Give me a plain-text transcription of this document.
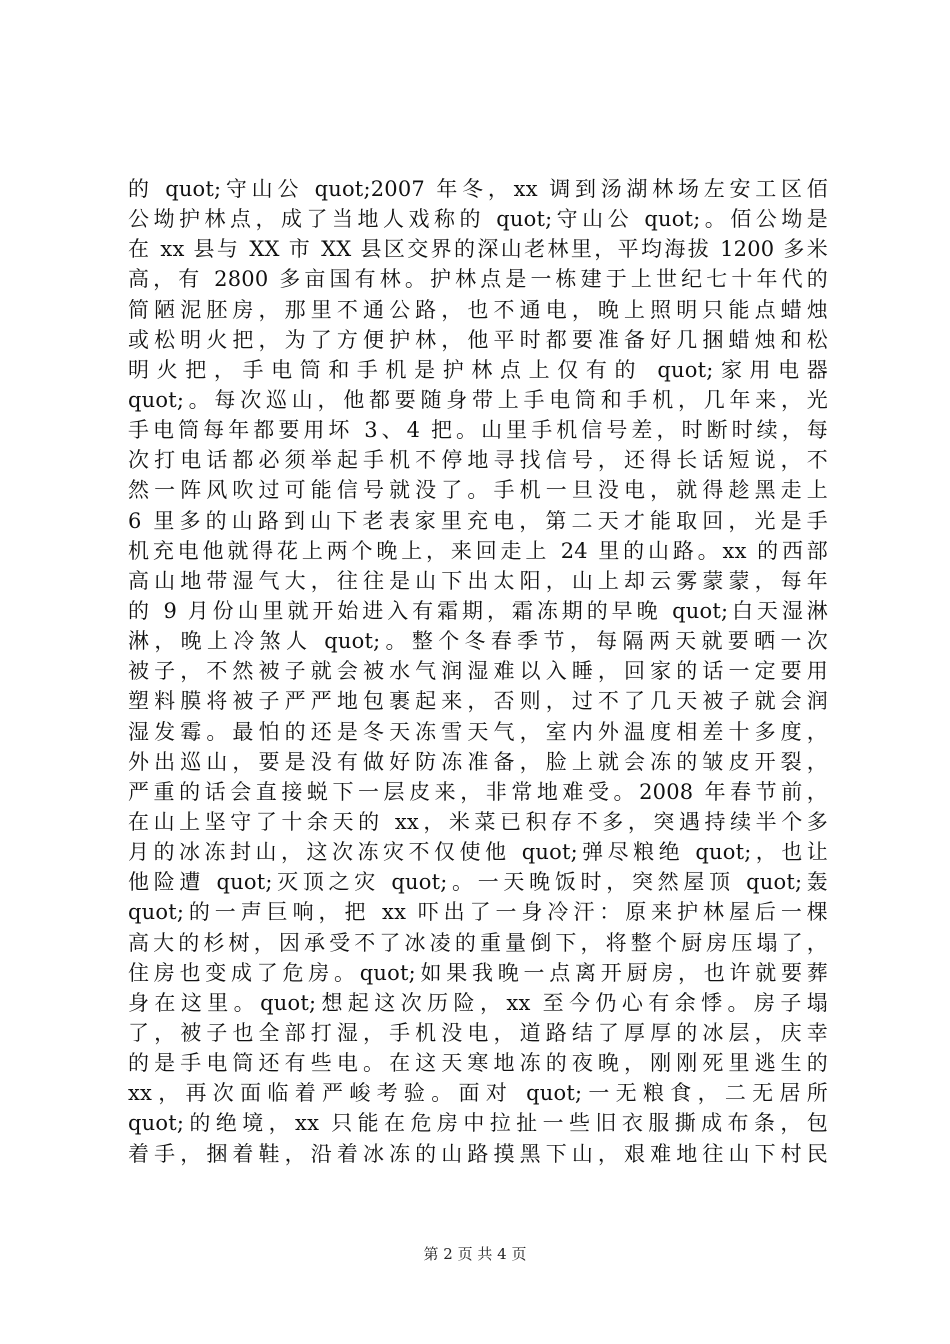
的 quot;守山公 quot;2007 年冬，xx 调到汤湖林场左安工区佰
公坳护林点，成了当地人戏称的 quot;守山公 quot;。佰公坳是
在 xx 县与 XX 市 XX 县区交界的深山老林里，平均海拔 1200 多米
高，有 2800 多亩国有林。护林点是一栋建于上世纪七十年代的
简陋泥胚房，那里不通公路，也不通电，晚上照明只能点蜡烛
或松明火把，为了方便护林，他平时都要准备好几捆蜡烛和松
明火把，手电筒和手机是护林点上仅有的 quot;家用电器
quot;。每次巡山，他都要随身带上手电筒和手机，几年来，光
手电筒每年都要用坏 3、4 把。山里手机信号差，时断时续，每
次打电话都必须举起手机不停地寻找信号，还得长话短说，不
然一阵风吹过可能信号就没了。手机一旦没电，就得趁黑走上
6 里多的山路到山下老表家里充电，第二天才能取回，光是手
机充电他就得花上两个晚上，来回走上 24 里的山路。xx 的西部
高山地带湿气大，往往是山下出太阳，山上却云雾蒙蒙，每年
的 9 月份山里就开始进入有霜期，霜冻期的早晚 quot;白天湿淋
淋，晚上冷煞人 quot;。整个冬春季节，每隔两天就要晒一次
被子，不然被子就会被水气润湿难以入睡，回家的话一定要用
塑料膜将被子严严地包裹起来，否则，过不了几天被子就会润
湿发霉。最怕的还是冬天冻雪天气，室内外温度相差十多度，
外出巡山，要是没有做好防冻准备，脸上就会冻的皱皮开裂，
严重的话会直接蜕下一层皮来，非常地难受。2008 年春节前，
在山上坚守了十余天的 xx，米菜已积存不多，突遇持续半个多
月的冰冻封山，这次冻灾不仅使他 quot;弹尽粮绝 quot;，也让
他险遭 quot;灭顶之灾 quot;。一天晚饭时，突然屋顶 quot;轰
quot;的一声巨响，把 xx 吓出了一身冷汗：原来护林屋后一棵
高大的杉树，因承受不了冰凌的重量倒下，将整个厨房压塌了，
住房也变成了危房。quot;如果我晚一点离开厨房，也许就要葬
身在这里。quot;想起这次历险，xx 至今仍心有余悸。房子塌
了，被子也全部打湿，手机没电，道路结了厚厚的冰层，庆幸
的是手电筒还有些电。在这天寒地冻的夜晚，刚刚死里逃生的
xx，再次面临着严峻考验。面对 quot;一无粮食，二无居所
quot;的绝境，xx 只能在危房中拉扯一些旧衣服撕成布条，包
着手，捆着鞋，沿着冰冻的山路摸黑下山，艰难地往山下村民
第 2 页 共 4 页
